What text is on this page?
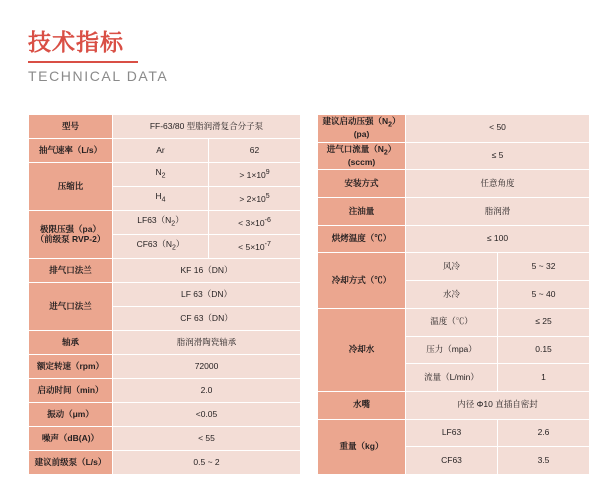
技术指标
TECHNICAL DATA
型号	FF-63/80 型脂润滑复合分子泵	
抽气速率（L/s）	Ar	62
压缩比	$N_2$	> $1\times 10^9$
	$H_4$	> $2\times 10^5$

极限压强（pa）
（前级泵 RVP-2）	$LF63(N_2)$	< $3\times 10^{-6}$
	$CF63(N_2)$	< $5\times 10^{-7}$
排气口法兰	KF 16（DN）	
进气口法兰	LF 63（DN）	
	CF 63（DN）	
轴承	脂润滑陶瓷轴承	
额定转速（rpm）	72000	
启动时间（min）	2.0	
振动（μm）	<0.05	
噪声（dB(A)）	< 55	
建议前级泵（L/s）	0.5 ~ 2	
建议启动压强$(N_2)(pa)$	< 50	
进气口流量$(N_2)(sccm)$	≤ 5	
安装方式	任意角度	
注油量	脂润滑	
烘烤温度（℃）	≤ 100	
冷却方式（℃）	风冷	5 ~ 32
	水冷	5 ~ 40
冷却水	温度（℃）	≤ 25
	压力（mpa）	0.15
	流量（L/min）	1
水嘴	内径 Φ10 直插自密封	
重量（kg）	LF63	2.6
	CF63	3.5
